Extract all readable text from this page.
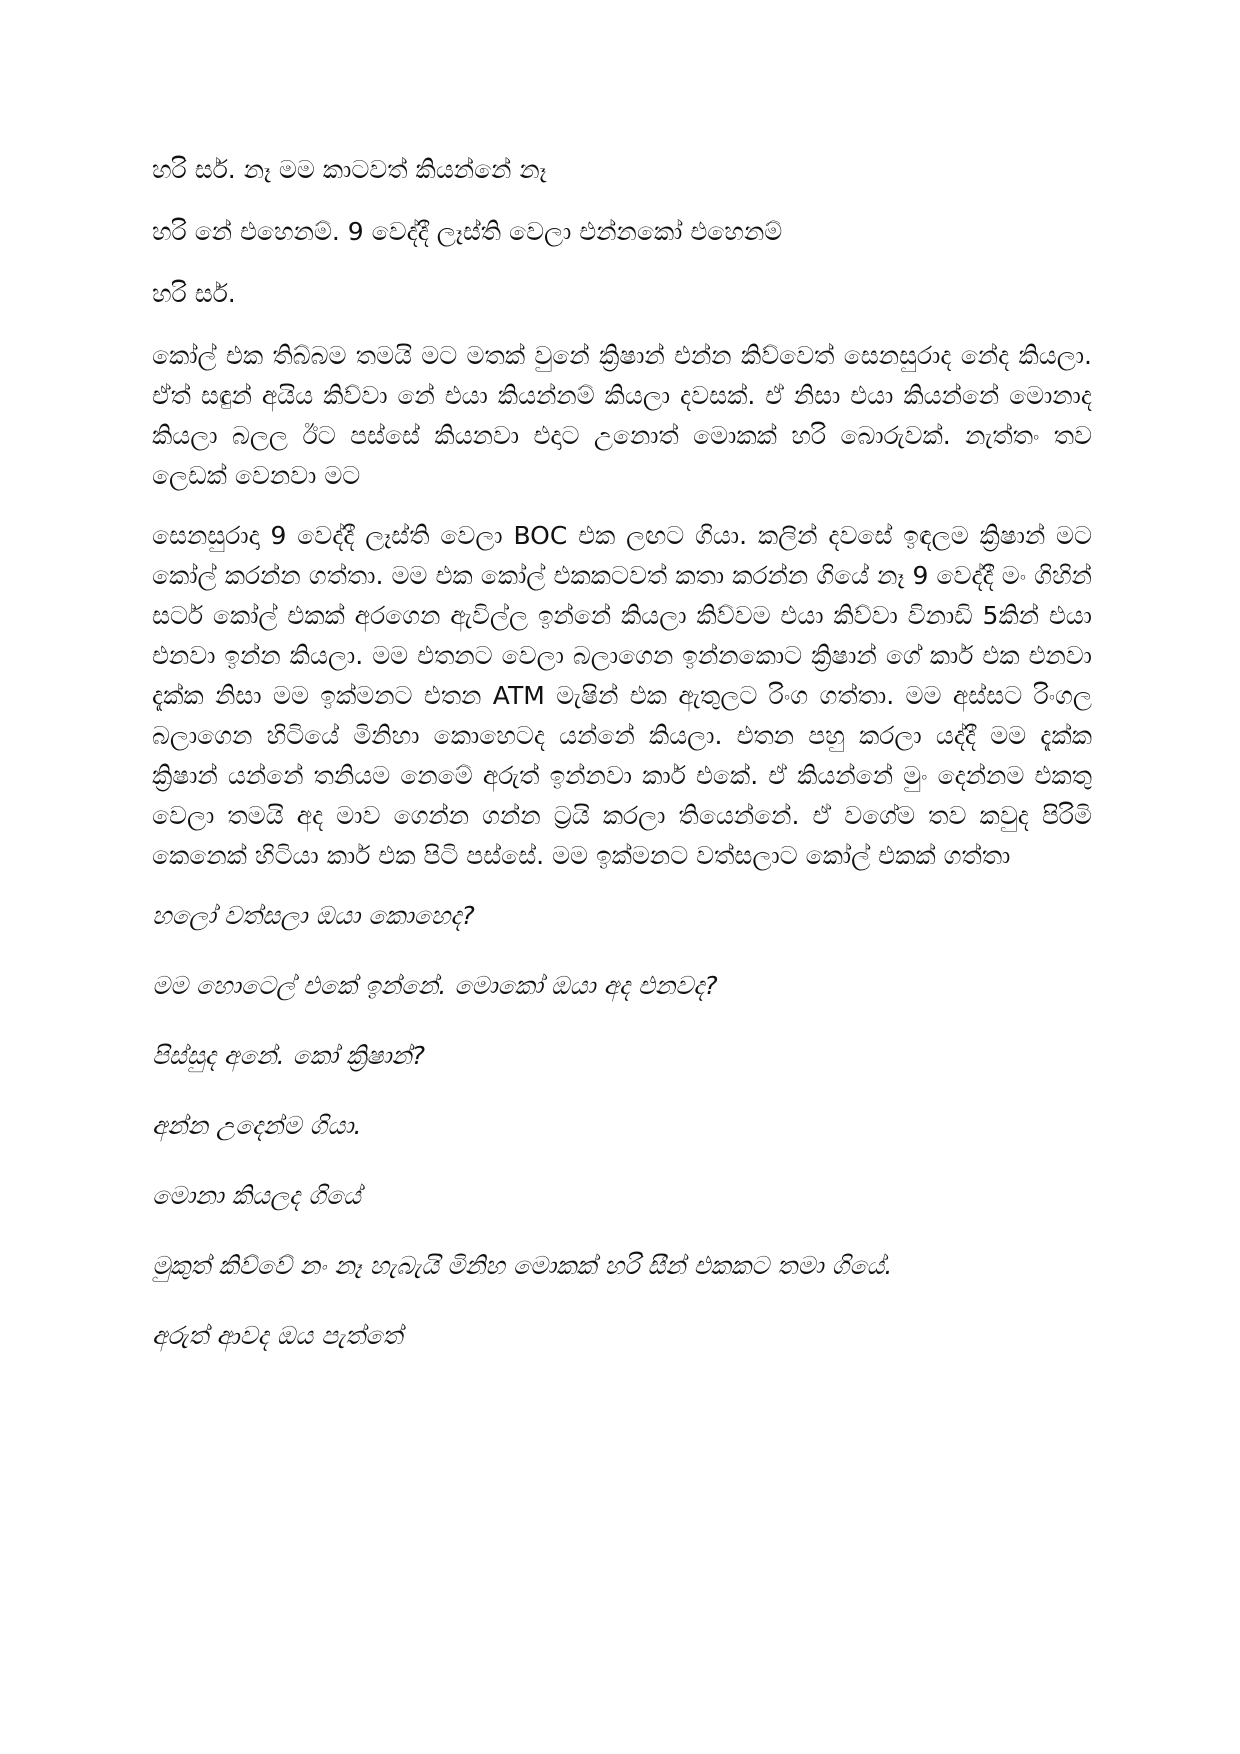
හරි සර්. නෑ මම කාටවත් කියන්නේ නෑ

හරි නේ එහෙනම්. 9 වෙද්දී ලෑස්ති වෙලා එන්නකෝ එහෙනම්

හරි සර්.

කෝල් එක තිබ්බම තමයි මට මතක් වුනේ ක්‍රිෂාන් එන්න කිව්වෙත් සෙනසුරාද නේද කියලා. ඒත් සඳුන් අයිය කිව්වා නේ එයා කියන්නම් කියලා දවසක්. ඒ නිසා එයා කියන්නේ මොනාද කියලා බලල ඊට පස්සේ කියනවා එදාට උනොත් මොකක් හරි බොරුවක්. නැත්තං තව ලෙඩක් වෙනවා මට

සෙනසුරාදා 9 වෙද්දී ලෑස්ති වෙලා BOC එක ලඟට ගියා. කලින් දවසේ ඉඳලම ක්‍රිෂාන් මට කෝල් කරන්න ගත්තා. මම එක කෝල් එකකටවත් කතා කරන්න ගියේ නෑ 9 වෙද්දී මං ගිහින් සර්ට කෝල් එකක් අරගෙන ඇවිල්ල ඉන්නේ කියලා කිව්වම එයා කිව්වා විනාඩි 5කින් එයා එනවා ඉන්න කියලා. මම එතනට වෙලා බලාගෙන ඉන්නකොට ක්‍රිෂාන් ගේ කාර් එක එනවා දැක්ක නිසා මම ඉක්මනට එතන ATM මැෂින් එක ඇතුලට රිංග ගත්තා. මම අස්සට රිංගල බලාගෙන හිටියේ මිනිහා කොහෙටද යන්නේ කියලා. එතන පහු කරලා යද්දී මම දැක්ක ක්‍රිෂාන් යන්නේ තනියම නෙමේ අරුත් ඉන්නවා කාර් එකේ. ඒ කියන්නේ මුං දෙන්නම එකතු වෙලා තමයි අද මාව ගෙන්න ගන්න ට්‍රයි කරලා තියෙන්නේ. ඒ වගේම තව කවුද පිරිමි කෙනෙක් හිටියා කාර් එක පිටි පස්සේ. මම ඉක්මනට වත්සලාට කෝල් එකක් ගත්තා

හලෝ වත්සලා ඔයා කොහෙද?

මම හොටෙල් එකේ ඉන්නේ. මොකෝ ඔයා අද එනවද?

පිස්සුද අනේ. කෝ ක්‍රිෂාන්?

අන්න උදෙන්ම ගියා.

මොනා කියලද ගියේ

මුකුත් කිව්වේ නං නෑ හැබැයි මිනිහ මොකක් හරි සීන් එකකට තමා ගියේ.

අරුත් ආවද ඔය පැත්තේ
